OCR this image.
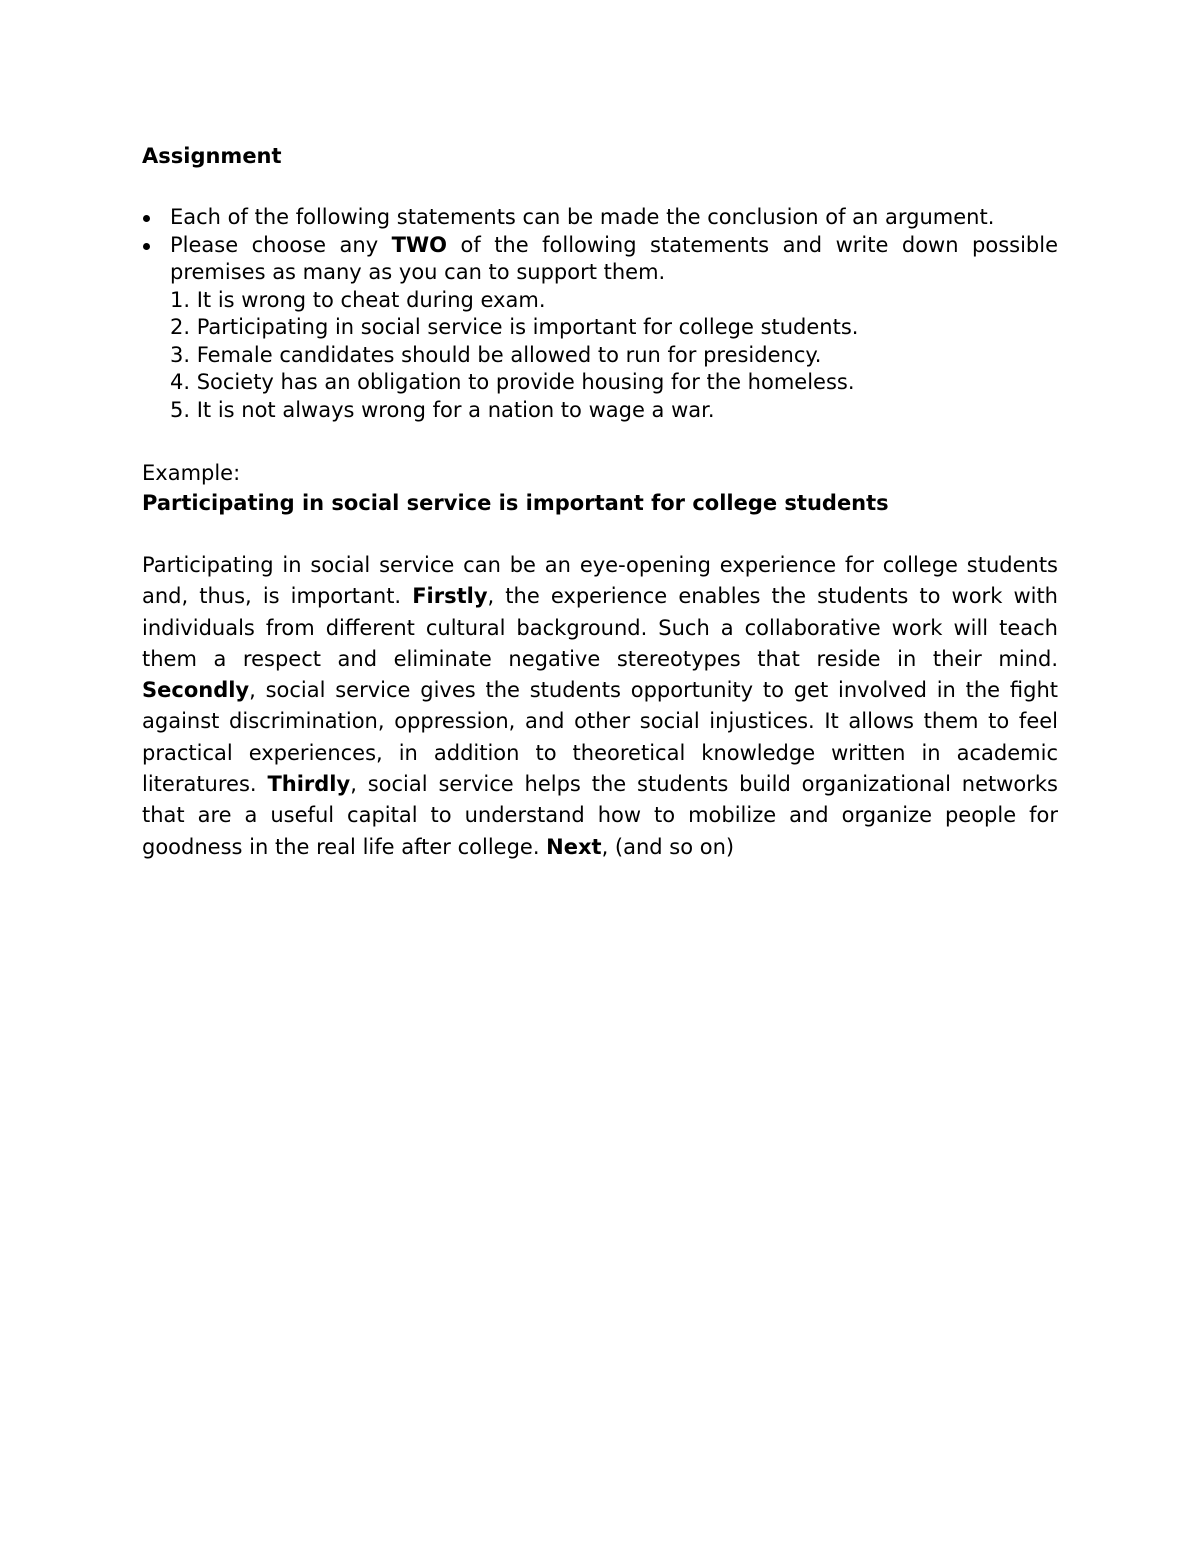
Assignment
Each of the following statements can be made the conclusion of an argument.
Please choose any TWO of the following statements and write down possible premises as many as you can to support them.
1. It is wrong to cheat during exam.
2. Participating in social service is important for college students.
3. Female candidates should be allowed to run for presidency.
4. Society has an obligation to provide housing for the homeless.
5. It is not always wrong for a nation to wage a war.
Example:
Participating in social service is important for college students

Participating in social service can be an eye-opening experience for college students and, thus, is important. Firstly, the experience enables the students to work with individuals from different cultural background. Such a collaborative work will teach them a respect and eliminate negative stereotypes that reside in their mind. Secondly, social service gives the students opportunity to get involved in the fight against discrimination, oppression, and other social injustices. It allows them to feel practical experiences, in addition to theoretical knowledge written in academic literatures. Thirdly, social service helps the students build organizational networks that are a useful capital to understand how to mobilize and organize people for goodness in the real life after college. Next, (and so on)
